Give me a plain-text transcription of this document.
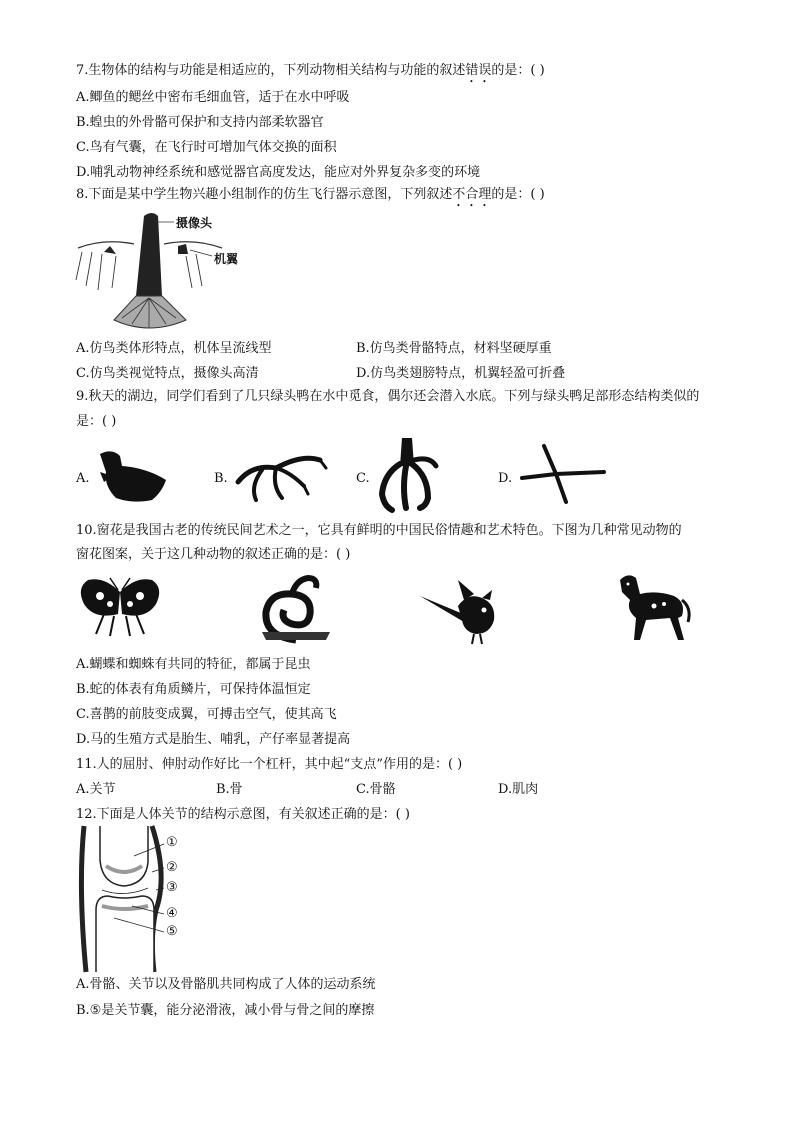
7.生物体的结构与功能是相适应的，下列动物相关结构与功能的叙述错误的是：( )
A.鲫鱼的鳃丝中密布毛细血管，适于在水中呼吸
B.蝗虫的外骨骼可保护和支持内部柔软器官
C.鸟有气囊，在飞行时可增加气体交换的面积
D.哺乳动物神经系统和感觉器官高度发达，能应对外界复杂多变的环境
8.下面是某中学生物兴趣小组制作的仿生飞行器示意图，下列叙述不合理的是：( )
摄像头
机翼
A.仿鸟类体形特点，机体呈流线型	B.仿鸟类骨骼特点，材料坚硬厚重
C.仿鸟类视觉特点，摄像头高清	D.仿鸟类翅膀特点，机翼轻盈可折叠
9.秋天的湖边，同学们看到了几只绿头鸭在水中觅食，偶尔还会潜入水底。下列与绿头鸭足部形态结构类似的
是：( )
A.	B.	C.	D.
10.窗花是我国古老的传统民间艺术之一，它具有鲜明的中国民俗情趣和艺术特色。下图为几种常见动物的
窗花图案，关于这几种动物的叙述正确的是：( )
A.蝴蝶和蜘蛛有共同的特征，都属于昆虫
B.蛇的体表有角质鳞片，可保持体温恒定
C.喜鹊的前肢变成翼，可搏击空气，使其高飞
D.马的生殖方式是胎生、哺乳，产仔率显著提高
11.人的屈肘、伸肘动作好比一个杠杆，其中起“支点”作用的是：( )
A.关节	B.骨	C.骨骼	D.肌肉
12.下面是人体关节的结构示意图，有关叙述正确的是：( )
①
②
③
④
⑤
A.骨骼、关节以及骨骼肌共同构成了人体的运动系统
B.⑤是关节囊，能分泌滑液，减小骨与骨之间的摩擦
